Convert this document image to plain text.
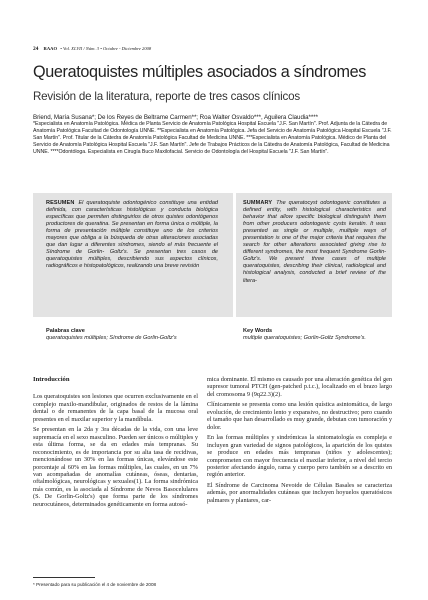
24 RAAO • Vol. XLVII / Núm. 3 • Octubre - Diciembre 2008
Queratoquistes múltiples asociados a síndromes
Revisión de la literatura, reporte de tres casos clínicos
Briend, María Susana*; De los Reyes de Beltrame Carmen**; Roa Walter Osvaldo***, Aguilera Claudia****

*Especialista en Anatomía Patológica. Médica de Planta Servicio de Anatomía Patológica Hospital Escuela "J.F. San Martín". Prof. Adjunta de la Cátedra de Anatomía Patológica Facultad de Odontología UNNE. **Especialista en Anatomía Patológica. Jefa del Servicio de Anatomía Patológica Hospital Escuela "J.F. San Martín". Prof. Titular de la Cátedra de Anatomía Patológica Facultad de Medicina UNNE. ***Especialista en Anatomía Patológica. Médico de Planta del Servicio de Anatomía Patológica Hospital Escuela "J.F. San Martín". Jefe de Trabajos Prácticos de la Cátedra de Anatomía Patológica, Facultad de Medicina UNNE. ****Odontóloga. Especialista en Cirugía Buco Maxilofacial. Servicio de Odontología del Hospital Escuela "J.F. San Martín".

RESUMEN El queratoquiste odontogénico constituye una entidad definida, con características histológicas y conducta biológica específicas que permiten distinguirlos de otros quistes odontógenos productores de queratina. Se presentan en forma única o múltiple, la forma de presentación múltiple constituye uno de los criterios mayores que obliga a la búsqueda de otras alteraciones asociadas que dan lugar a diferentes síndromes, siendo el más frecuente el Síndrome de Gorlin- Goltz's. Se presentan tres casos de queratoquistes múltiples, describiendo sus aspectos clínicos, radiográficos e histopatológicos, realizando una breve revisión
SUMMARY The queratocyst odontogenic constitutes a defined entity, with histological characteristics and behavior that allow specific biological distinguish them from other producers odontogenic cysts keratin. It was presented as single or multiple, multiple ways of presentation is one of the major criteria that requires the search for other alterations associated giving rise to different syndromes, the most frequent Syndrome Gorlin-Goltz's. We present three cases of multiple queratoquistes, describing their clinical, radiological and histological analysis, conducted a brief review of the litera-
Palabras clave
queratoquistes múltiples; Síndrome de Gorlin-Goltz's
Key Words
multiple queratoquistes; Gorlin-Goltz Syndrome's.

Introducción

Los queratoquistes son lesiones que ocurren exclusivamente en el complejo maxilo-mandibular, originados de restos de la lámina dental o de remanentes de la capa basal de la mucosa oral presentes en el maxilar superior y la mandíbula.

Se presentan en la 2da y 3ra décadas de la vida, con una leve supremacía en el sexo masculino. Pueden ser únicos o múltiples y esta última forma, se da en edades más tempranas. Su reconocimiento, es de importancia por su alta tasa de recidivas, mencionándose un 30% en las formas únicas, elevándose este porcentaje al 60% en las formas múltiples, las cuales, en un 7% van acompañadas de anomalías cutáneas, óseas, dentarias, oftalmológicas, neurológicas y sexuales(1). La forma sindrómica más común, es la asociada al Síndrome de Nevos Basocelulares (S. De Gorlin-Goltz's) que forma parte de los síndromes neurocutáneos, determinados genéticamente en forma autosó-

mica dominante. El mismo es causado por una alteración genética del gen supresor tumoral PTCH (gen-patched p.t.c.), localizado en el brazo largo del cromosoma 9 (9q22.3)(2).

Clínicamente se presenta como una lesión quística asintomática, de largo evolución, de crecimiento lento y expansivo, no destructivo; pero cuando el tamaño que han desarrollado es muy grande, debutan con tumoración y dolor.

En las formas múltiples y sindrómicas la sintomatología es compleja e incluyen gran variedad de signos patológicos, la aparición de los quistes se produce en edades más tempranas (niños y adolescentes); comprometen con mayor frecuencia el maxilar inferior, a nivel del tercio posterior afectando ángulo, rama y cuerpo pero también se a descrito en región anterior.

El Síndrome de Carcinoma Nevoide de Células Basales se caracteriza además, por anormalidades cutáneas que incluyen hoyuelos queratósicos palmares y plantares, car-

* Presentado para su publicación el 4 de noviembre de 2008
